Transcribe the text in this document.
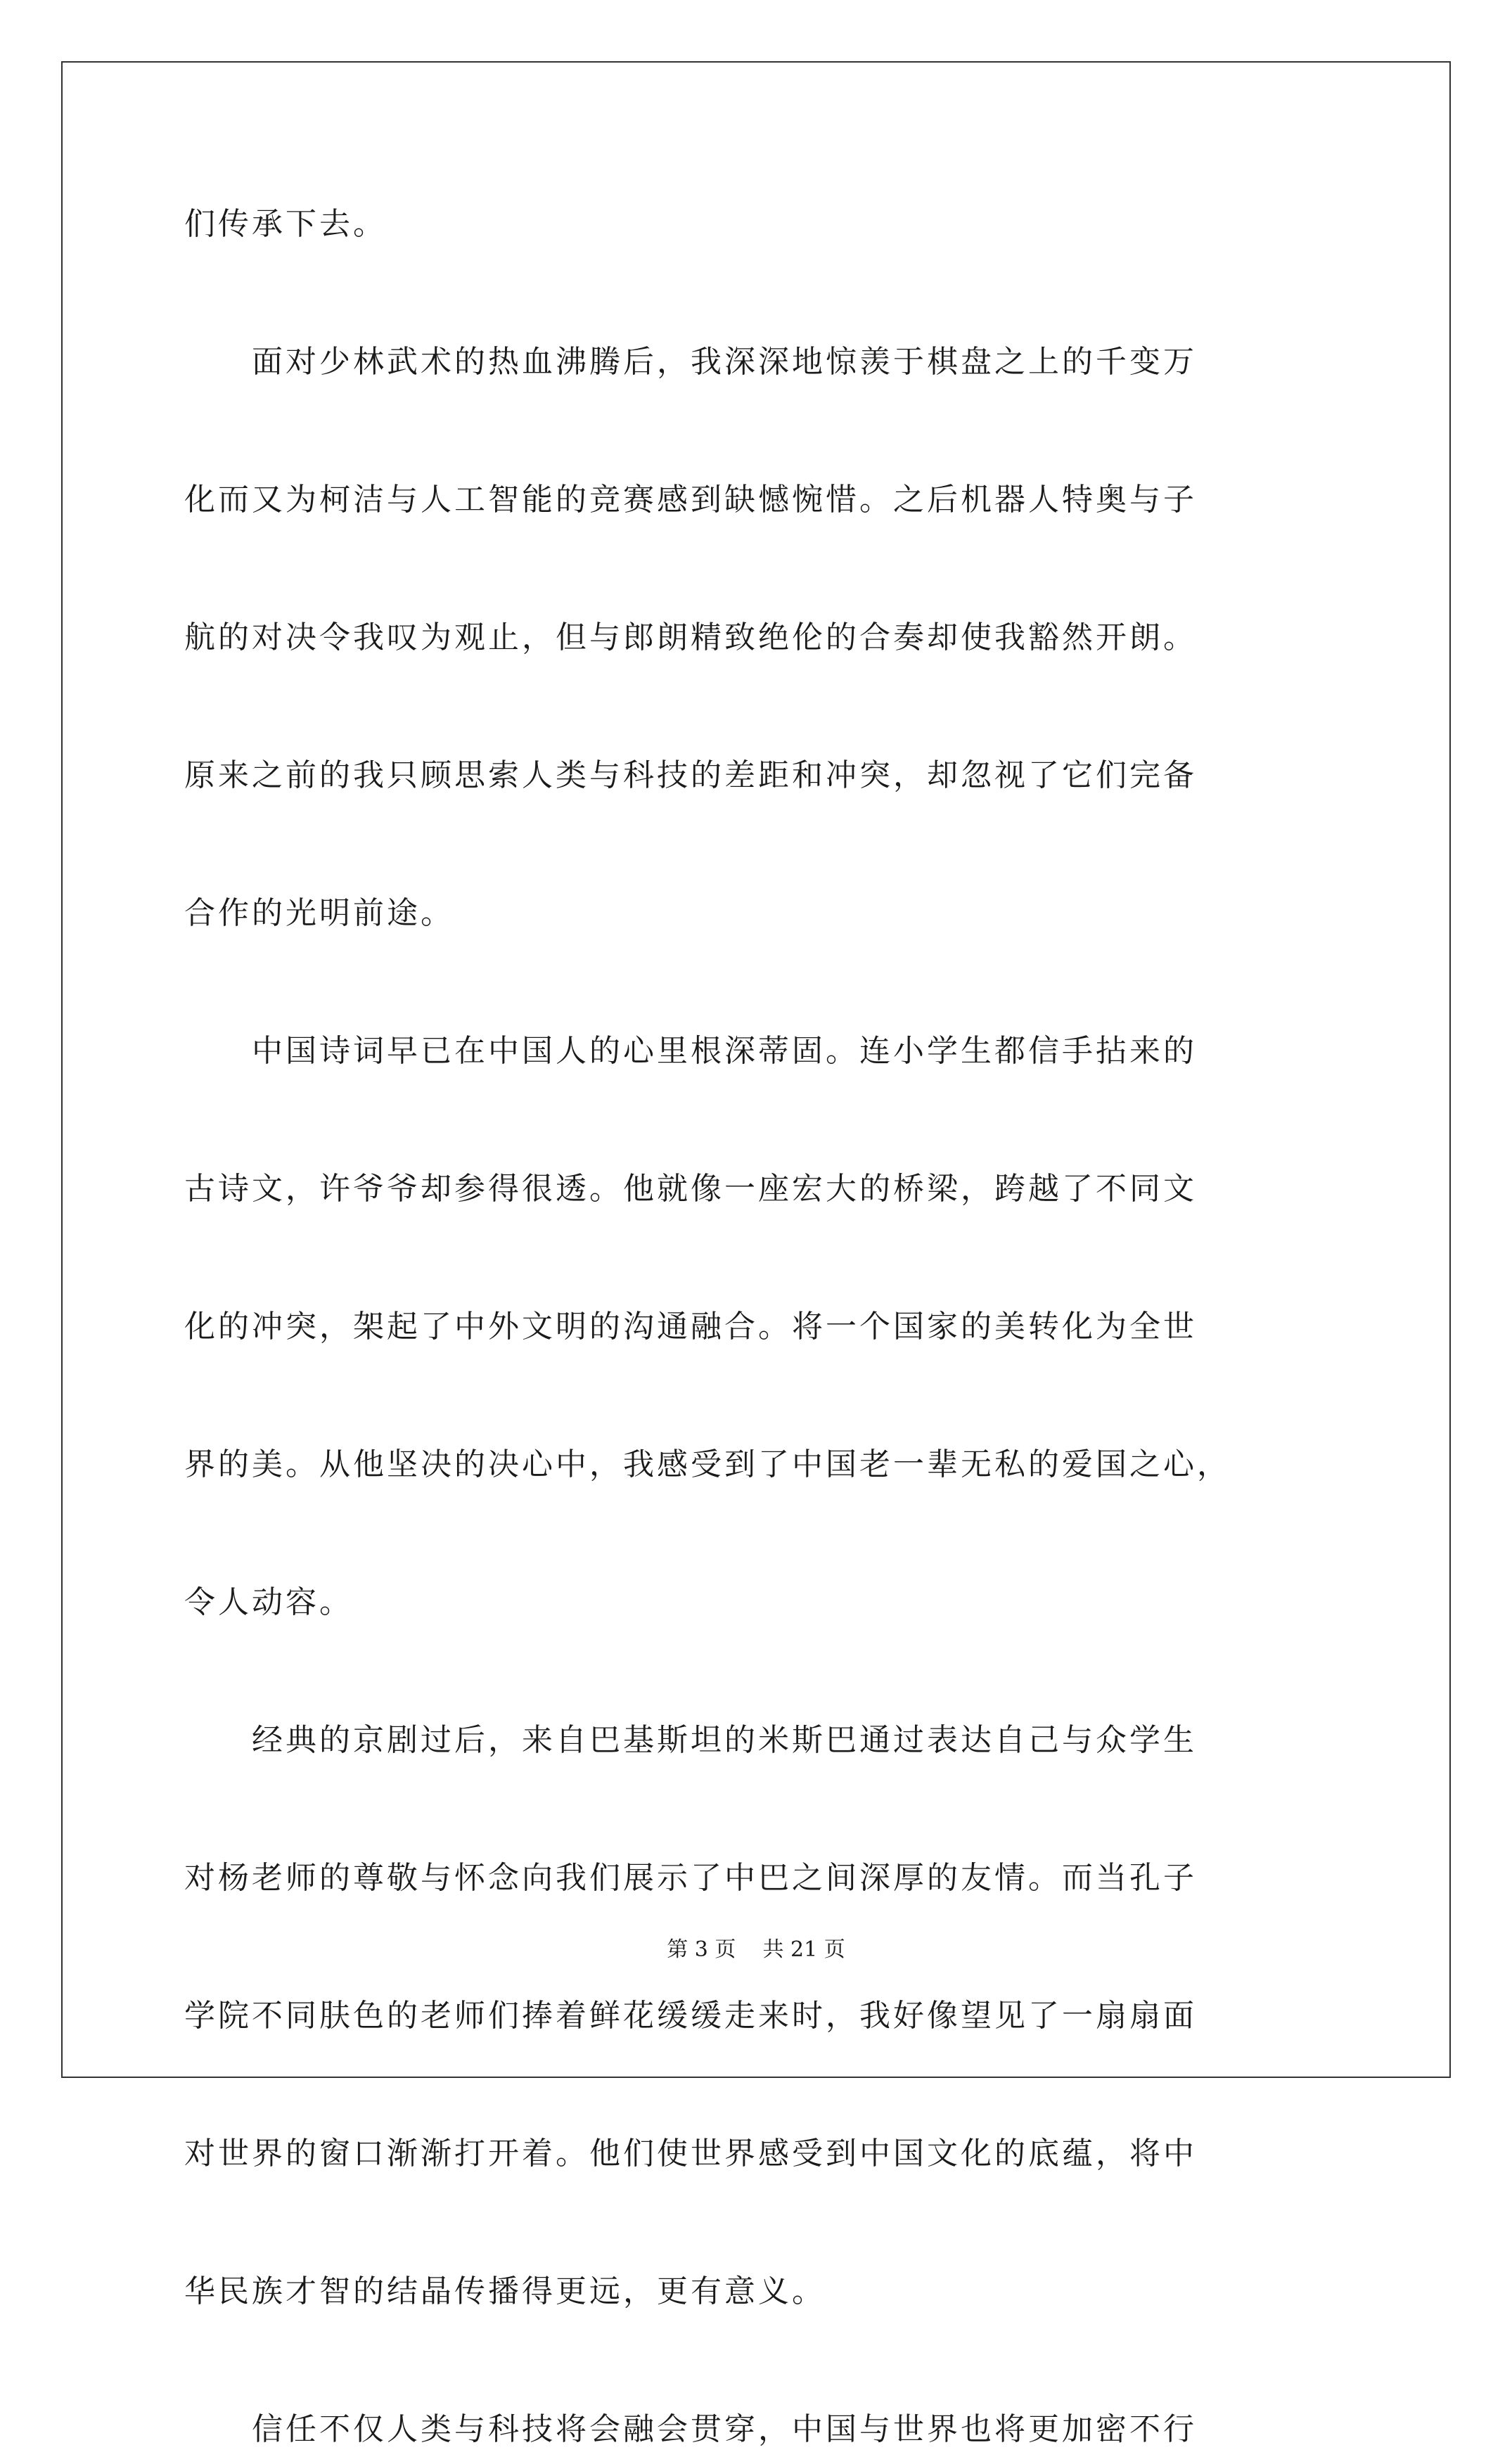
们传承下去。
　　面对少林武术的热血沸腾后，我深深地惊羡于棋盘之上的千变万
化而又为柯洁与人工智能的竞赛感到缺憾惋惜。之后机器人特奥与子
航的对决令我叹为观止，但与郎朗精致绝伦的合奏却使我豁然开朗。
原来之前的我只顾思索人类与科技的差距和冲突，却忽视了它们完备
合作的光明前途。
　　中国诗词早已在中国人的心里根深蒂固。连小学生都信手拈来的
古诗文，许爷爷却参得很透。他就像一座宏大的桥梁，跨越了不同文
化的冲突，架起了中外文明的沟通融合。将一个国家的美转化为全世
界的美。从他坚决的决心中，我感受到了中国老一辈无私的爱国之心，
令人动容。
　　经典的京剧过后，来自巴基斯坦的米斯巴通过表达自己与众学生
对杨老师的尊敬与怀念向我们展示了中巴之间深厚的友情。而当孔子
学院不同肤色的老师们捧着鲜花缓缓走来时，我好像望见了一扇扇面
对世界的窗口渐渐打开着。他们使世界感受到中国文化的底蕴，将中
华民族才智的结晶传播得更远，更有意义。
　　信任不仅人类与科技将会融会贯穿，中国与世界也将更加密不行
第 3 页    共 21 页
